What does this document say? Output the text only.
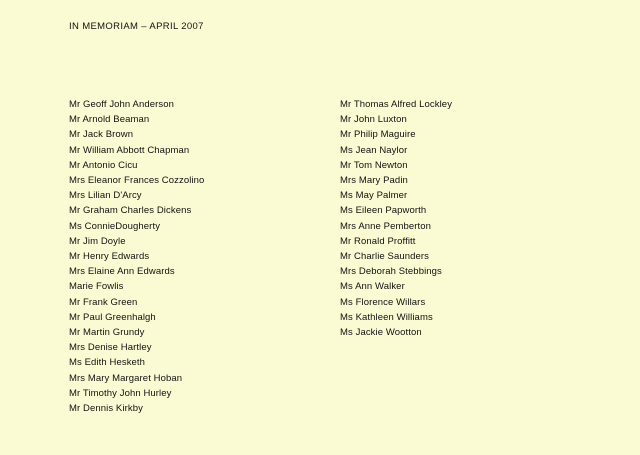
IN MEMORIAM – APRIL 2007
Mr Geoff John Anderson
Mr Arnold Beaman
Mr Jack Brown
Mr William Abbott Chapman
Mr Antonio Cicu
Mrs Eleanor Frances Cozzolino
Mrs Lilian D'Arcy
Mr Graham Charles Dickens
Ms ConnieDougherty
Mr Jim Doyle
Mr Henry Edwards
Mrs Elaine Ann Edwards
Marie Fowlis
Mr Frank Green
Mr Paul Greenhalgh
Mr Martin Grundy
Mrs Denise Hartley
Ms Edith Hesketh
Mrs Mary Margaret Hoban
Mr Timothy John Hurley
Mr Dennis Kirkby
Mr Thomas Alfred Lockley
Mr John Luxton
Mr Philip Maguire
Ms Jean Naylor
Mr Tom Newton
Mrs Mary Padin
Ms May Palmer
Ms Eileen Papworth
Mrs Anne Pemberton
Mr Ronald Proffitt
Mr Charlie Saunders
Mrs Deborah Stebbings
Ms Ann Walker
Ms Florence Willars
Ms Kathleen Williams
Ms Jackie Wootton
